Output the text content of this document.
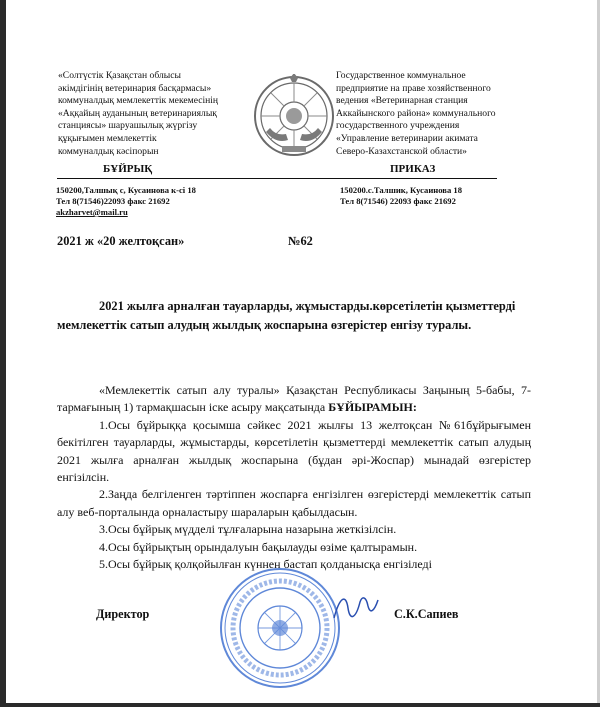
«Солтүстік Қазақстан облысы
әкімдігінің ветеринария басқармасы»
коммуналдық мемлекеттік мекемесінің
«Аққайың ауданының ветеринариялық
станциясы» шаруашылық жүргізу
құқығымен мемлекеттік
коммуналдық кәсіпорын
Государственное коммунальное
предприятие на праве хозяйственного
ведения «Ветеринарная станция
Аккайынского района» коммунального
государственного учреждения
«Управление ветеринарии акимата
Северо-Казахстанской области»
БҰЙРЫҚ	ПРИКАЗ
150200,Талшық с, Кусаинова к-сі 18
Тел 8(71546)22093 факс 21692
akzharvet@mail.ru
150200.с.Талшик, Кусаинова 18
Тел 8(71546) 22093 факс 21692
2021 ж «20 желтоқсан»	№62
2021 жылға арналған тауарларды, жұмыстарды.көрсетілетін қызметтерді мемлекеттік сатып алудың жылдық жоспарына өзгерістер енгізу туралы.

«Мемлекеттік сатып алу туралы» Қазақстан Республикасы Заңының 5-бабы, 7-тармағының 1) тармақшасын іске асыру мақсатында БҰЙЫРАМЫН:

1.Осы бұйрыққа қосымша сәйкес 2021 жылғы 13 желтоқсан №61бұйрығымен бекітілген тауарларды, жұмыстарды, көрсетілетін қызметтерді мемлекеттік сатып алудың 2021 жылға арналған жылдық жоспарына (бұдан әрі-Жоспар) мынадай өзгерістер енгізілсін.

2.Заңда белгіленген тәртіппен жоспарға енгізілген өзгерістерді мемлекеттік сатып алу веб-порталында орналастыру шараларын қабылдасын.

3.Осы бұйрық мүдделі тұлғаларына назарына жеткізілсін.

4.Осы бұйрықтың орындалуын бақылауды өзіме қалтырамын.

5.Осы бұйрық қолқойылған күннен бастап қолданысқа енгізіледі

Директор	С.К.Сапиев
